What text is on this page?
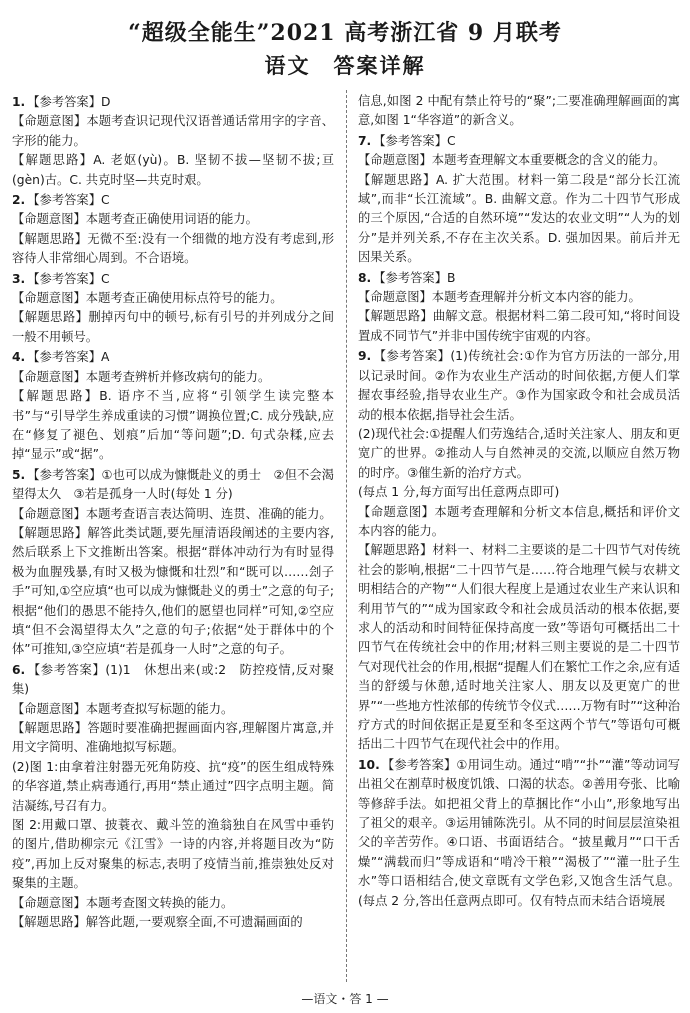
“超级全能生”2021 高考浙江省 9 月联考
语文　答案详解

1. 【参考答案】D

【命题意图】本题考查识记现代汉语普通话常用字的字音、字形的能力。

【解题思路】A. 老妪(yù)。B. 坚韧不拔—坚韧不拔;亘(gèn)古。C. 共克时坚—共克时艰。

2. 【参考答案】C

【命题意图】本题考查正确使用词语的能力。

【解题思路】无微不至:没有一个细微的地方没有考虑到,形容待人非常细心周到。不合语境。

3. 【参考答案】C

【命题意图】本题考查正确使用标点符号的能力。

【解题思路】删掉丙句中的顿号,标有引号的并列成分之间一般不用顿号。

4. 【参考答案】A

【命题意图】本题考查辨析并修改病句的能力。

【解题思路】B. 语序不当,应将“引领学生读完整本书”与“引导学生养成重读的习惯”调换位置;C. 成分残缺,应在“修复了褪色、划痕”后加“等问题”;D. 句式杂糅,应去掉“显示”或“据”。

5. 【参考答案】①也可以成为慷慨赴义的勇士　②但不会渴望得太久　③若是孤身一人时(每处 1 分)

【命题意图】本题考查语言表达简明、连贯、准确的能力。

【解题思路】解答此类试题,要先厘清语段阐述的主要内容,然后联系上下文推断出答案。根据“群体冲动行为有时显得极为血腥残暴,有时又极为慷慨和壮烈”和“既可以……刽子手”可知,①空应填“也可以成为慷慨赴义的勇士”之意的句子;根据“他们的愚思不能持久,他们的愿望也同样”可知,②空应填“但不会渴望得太久”之意的句子;依据“处于群体中的个体”可推知,③空应填“若是孤身一人时”之意的句子。

6. 【参考答案】(1)1　休想出来(或:2　防控疫情,反对聚集)

【命题意图】本题考查拟写标题的能力。

【解题思路】答题时要准确把握画面内容,理解图片寓意,并用文字简明、准确地拟写标题。

(2)图 1:由拿着注射器无死角防疫、抗“疫”的医生组成特殊的华容道,禁止病毒通行,再用“禁止通过”四字点明主题。简洁凝练,号召有力。

图 2:用戴口罩、披蓑衣、戴斗笠的渔翁独自在风雪中垂钓的图片,借助柳宗元《江雪》一诗的内容,并将题目改为“防疫”,再加上反对聚集的标志,表明了疫情当前,推崇独处反对聚集的主题。

【命题意图】本题考查图文转换的能力。

【解题思路】解答此题,一要观察全面,不可遗漏画面的

信息,如图 2 中配有禁止符号的“聚”;二要准确理解画面的寓意,如图 1“华容道”的新含义。

7. 【参考答案】C

【命题意图】本题考查理解文本重要概念的含义的能力。

【解题思路】A. 扩大范围。材料一第二段是“部分长江流域”,而非“长江流域”。B. 曲解文意。作为二十四节气形成的三个原因,“合适的自然环境”“发达的农业文明”“人为的划分”是并列关系,不存在主次关系。D. 强加因果。前后并无因果关系。

8. 【参考答案】B

【命题意图】本题考查理解并分析文本内容的能力。

【解题思路】曲解文意。根据材料二第二段可知,“将时间设置成不同节气”并非中国传统宇宙观的内容。

9. 【参考答案】(1)传统社会:①作为官方历法的一部分,用以记录时间。②作为农业生产活动的时间依据,方便人们掌握农事经验,指导农业生产。③作为国家政令和社会成员活动的根本依据,指导社会生活。

(2)现代社会:①提醒人们劳逸结合,适时关注家人、朋友和更宽广的世界。②推动人与自然神灵的交流,以顺应自然万物的时序。③催生新的治疗方式。

(每点 1 分,每方面写出任意两点即可)

【命题意图】本题考查理解和分析文本信息,概括和评价文本内容的能力。

【解题思路】材料一、材料二主要谈的是二十四节气对传统社会的影响,根据“二十四节气是……符合地理气候与农耕文明相结合的产物”“人们很大程度上是通过农业生产来认识和利用节气的”“成为国家政令和社会成员活动的根本依据,要求人的活动和时间特征保持高度一致”等语句可概括出二十四节气在传统社会中的作用;材料三则主要说的是二十四节气对现代社会的作用,根据“提醒人们在繁忙工作之余,应有适当的舒缓与休憩,适时地关注家人、朋友以及更宽广的世界”“一些地方性浓郁的传统节令仪式……万物有时”“这种治疗方式的时间依据正是夏至和冬至这两个节气”等语句可概括出二十四节气在现代社会中的作用。

10. 【参考答案】①用词生动。通过“啃”“扑”“灌”等动词写出祖父在割草时极度饥饿、口渴的状态。②善用夸张、比喻等修辞手法。如把祖父背上的草捆比作“小山”,形象地写出了祖父的艰辛。③运用铺陈洗引。从不同的时间层层渲染祖父的辛苦劳作。④口语、书面语结合。“披星戴月”“口干舌燥”“满载而归”等成语和“啃冷干粮”“渴极了”“灌一肚子生水”等口语相结合,使文章既有文学色彩,又饱含生活气息。(每点 2 分,答出任意两点即可。仅有特点而未结合语境展

—语文・答 1 —
